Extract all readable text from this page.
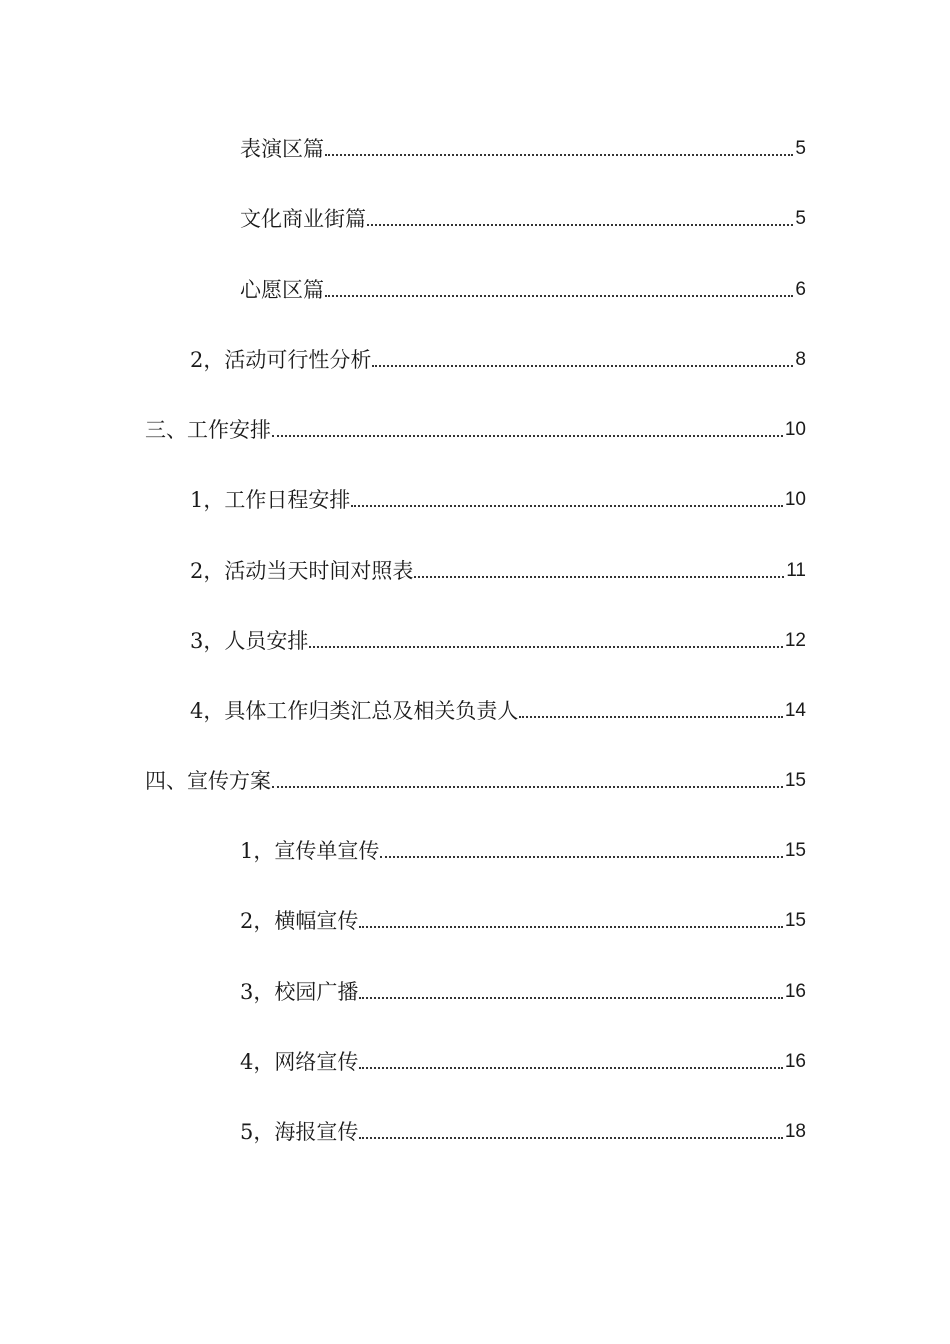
表演区篇	5
文化商业街篇	5
心愿区篇	6
2，活动可行性分析	8
三、工作安排	10
1，工作日程安排	10
2，活动当天时间对照表	11
3，人员安排	12
4，具体工作归类汇总及相关负责人	14
四、宣传方案	15
1，宣传单宣传	15
2，横幅宣传	15
3，校园广播	16
4，网络宣传	16
5，海报宣传	18
